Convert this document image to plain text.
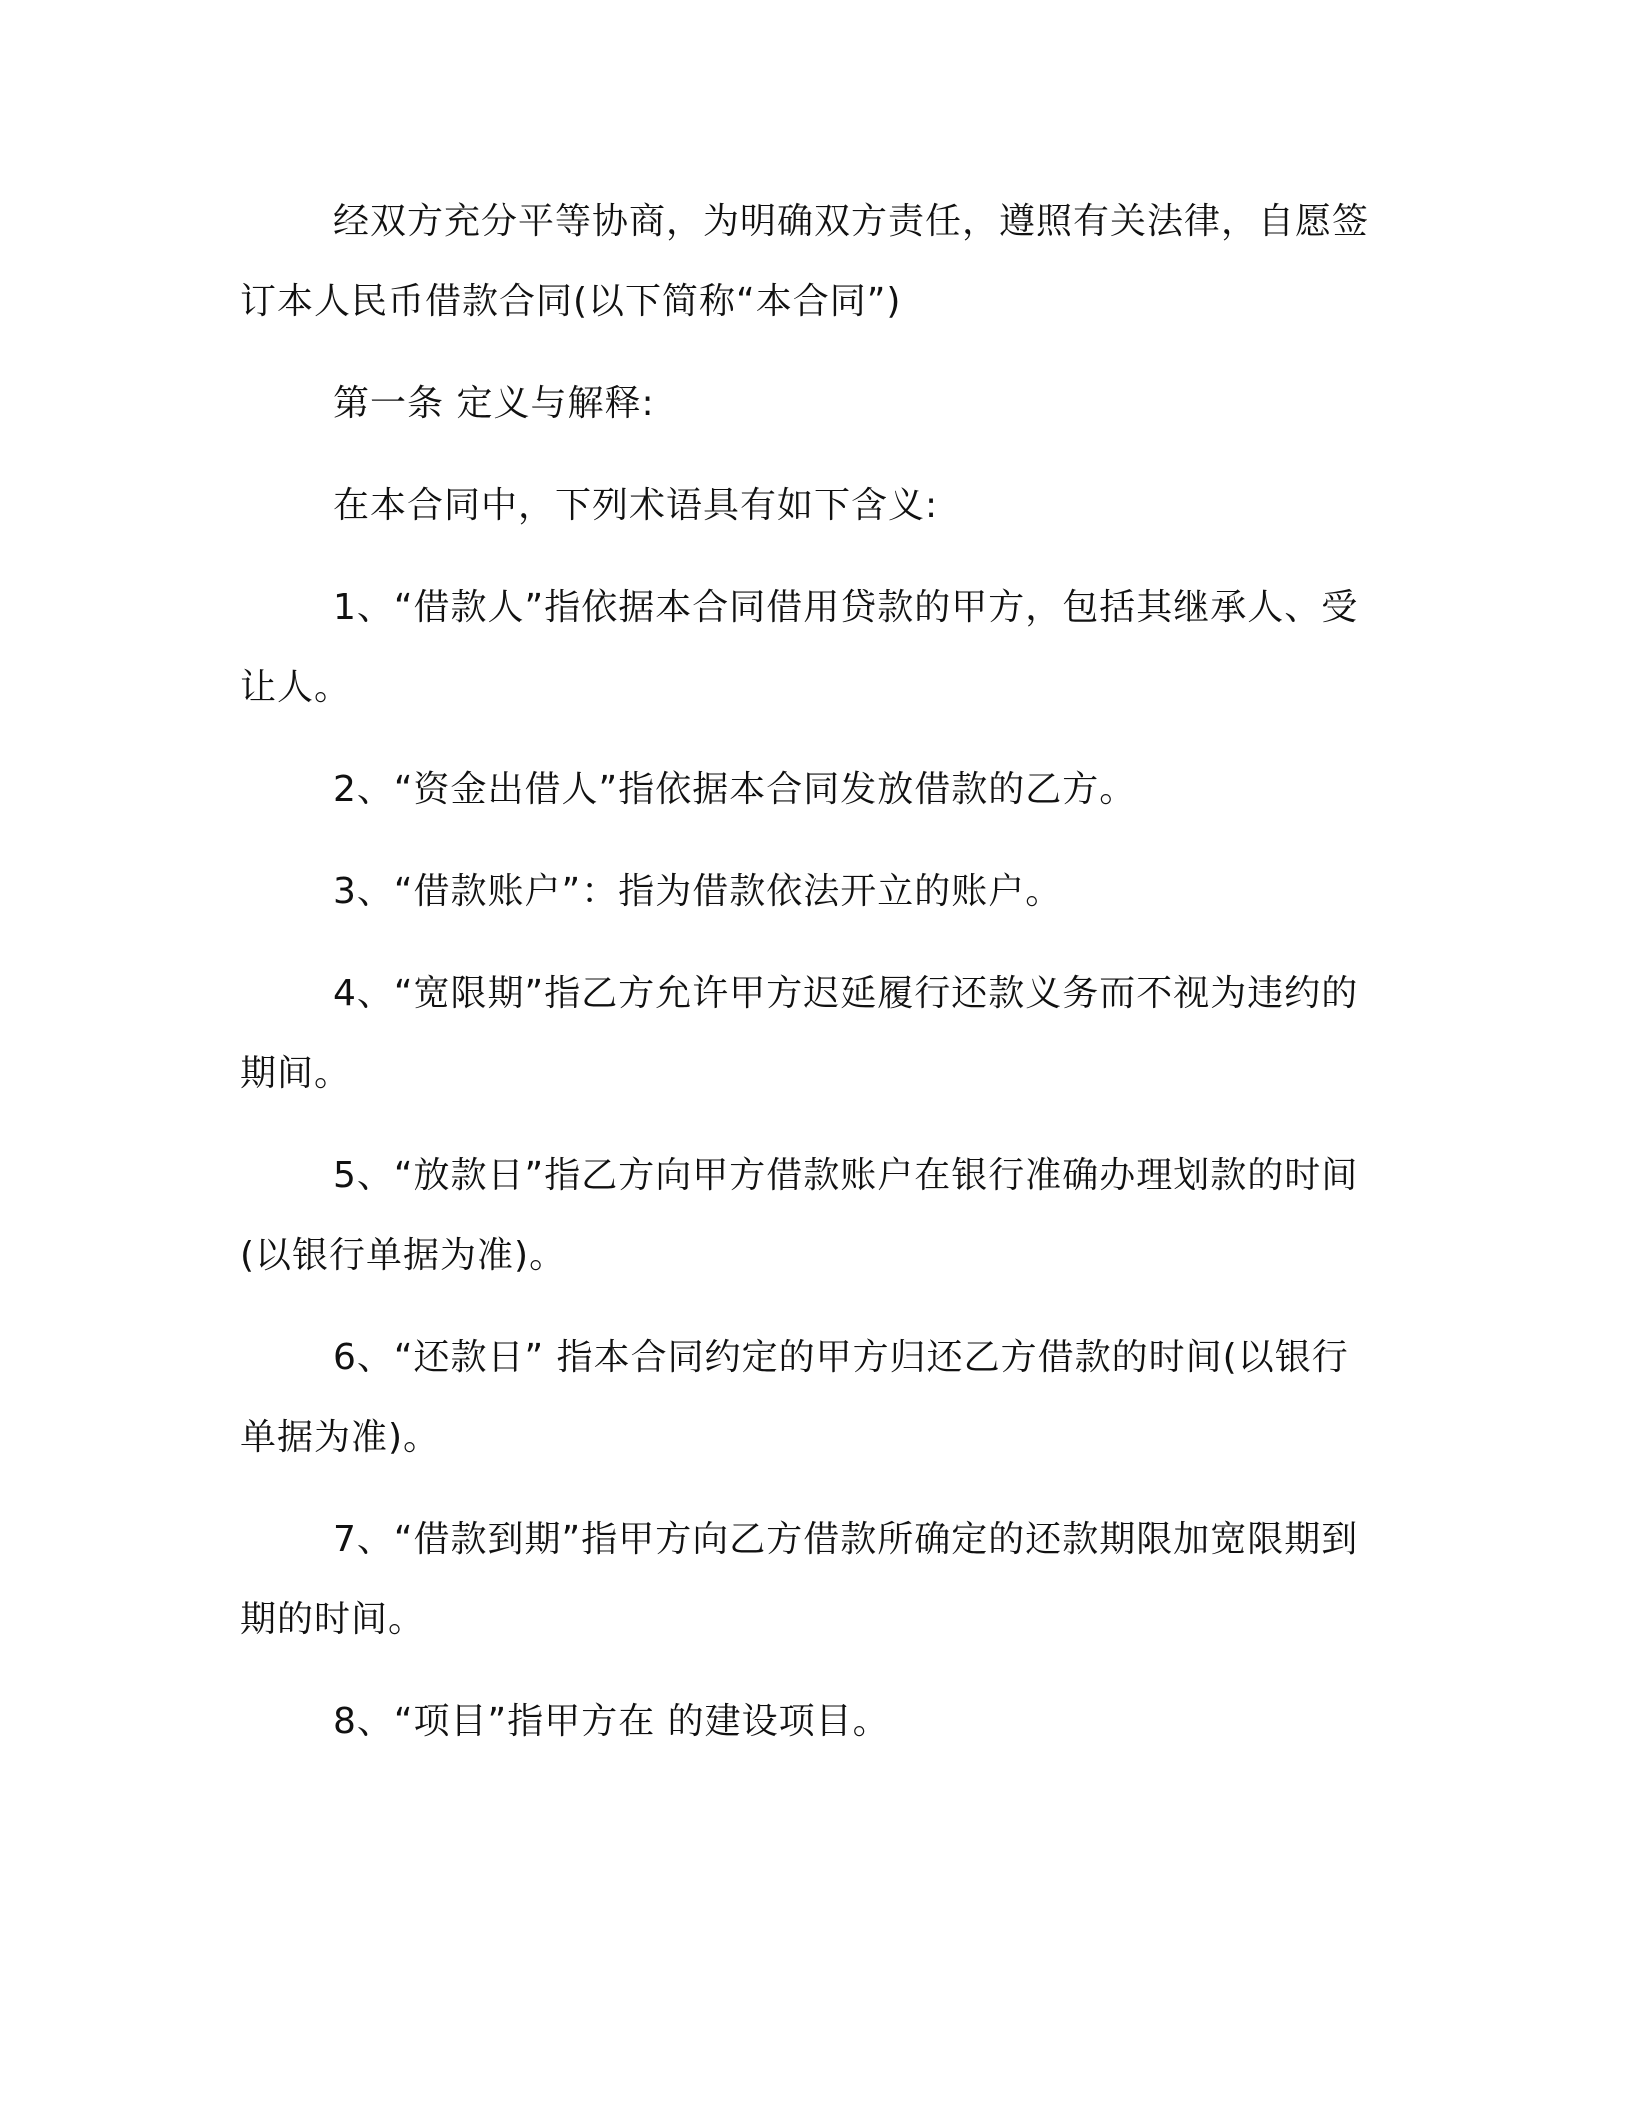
经双方充分平等协商，为明确双方责任，遵照有关法律，自愿签订本人民币借款合同(以下简称“本合同”)

第一条 定义与解释:

在本合同中，下列术语具有如下含义:

1、“借款人”指依据本合同借用贷款的甲方，包括其继承人、受让人。

2、“资金出借人”指依据本合同发放借款的乙方。

3、“借款账户”：指为借款依法开立的账户。

4、“宽限期”指乙方允许甲方迟延履行还款义务而不视为违约的期间。

5、“放款日”指乙方向甲方借款账户在银行准确办理划款的时间(以银行单据为准)。

6、“还款日” 指本合同约定的甲方归还乙方借款的时间(以银行单据为准)。

7、“借款到期”指甲方向乙方借款所确定的还款期限加宽限期到期的时间。

8、“项目”指甲方在 的建设项目。
